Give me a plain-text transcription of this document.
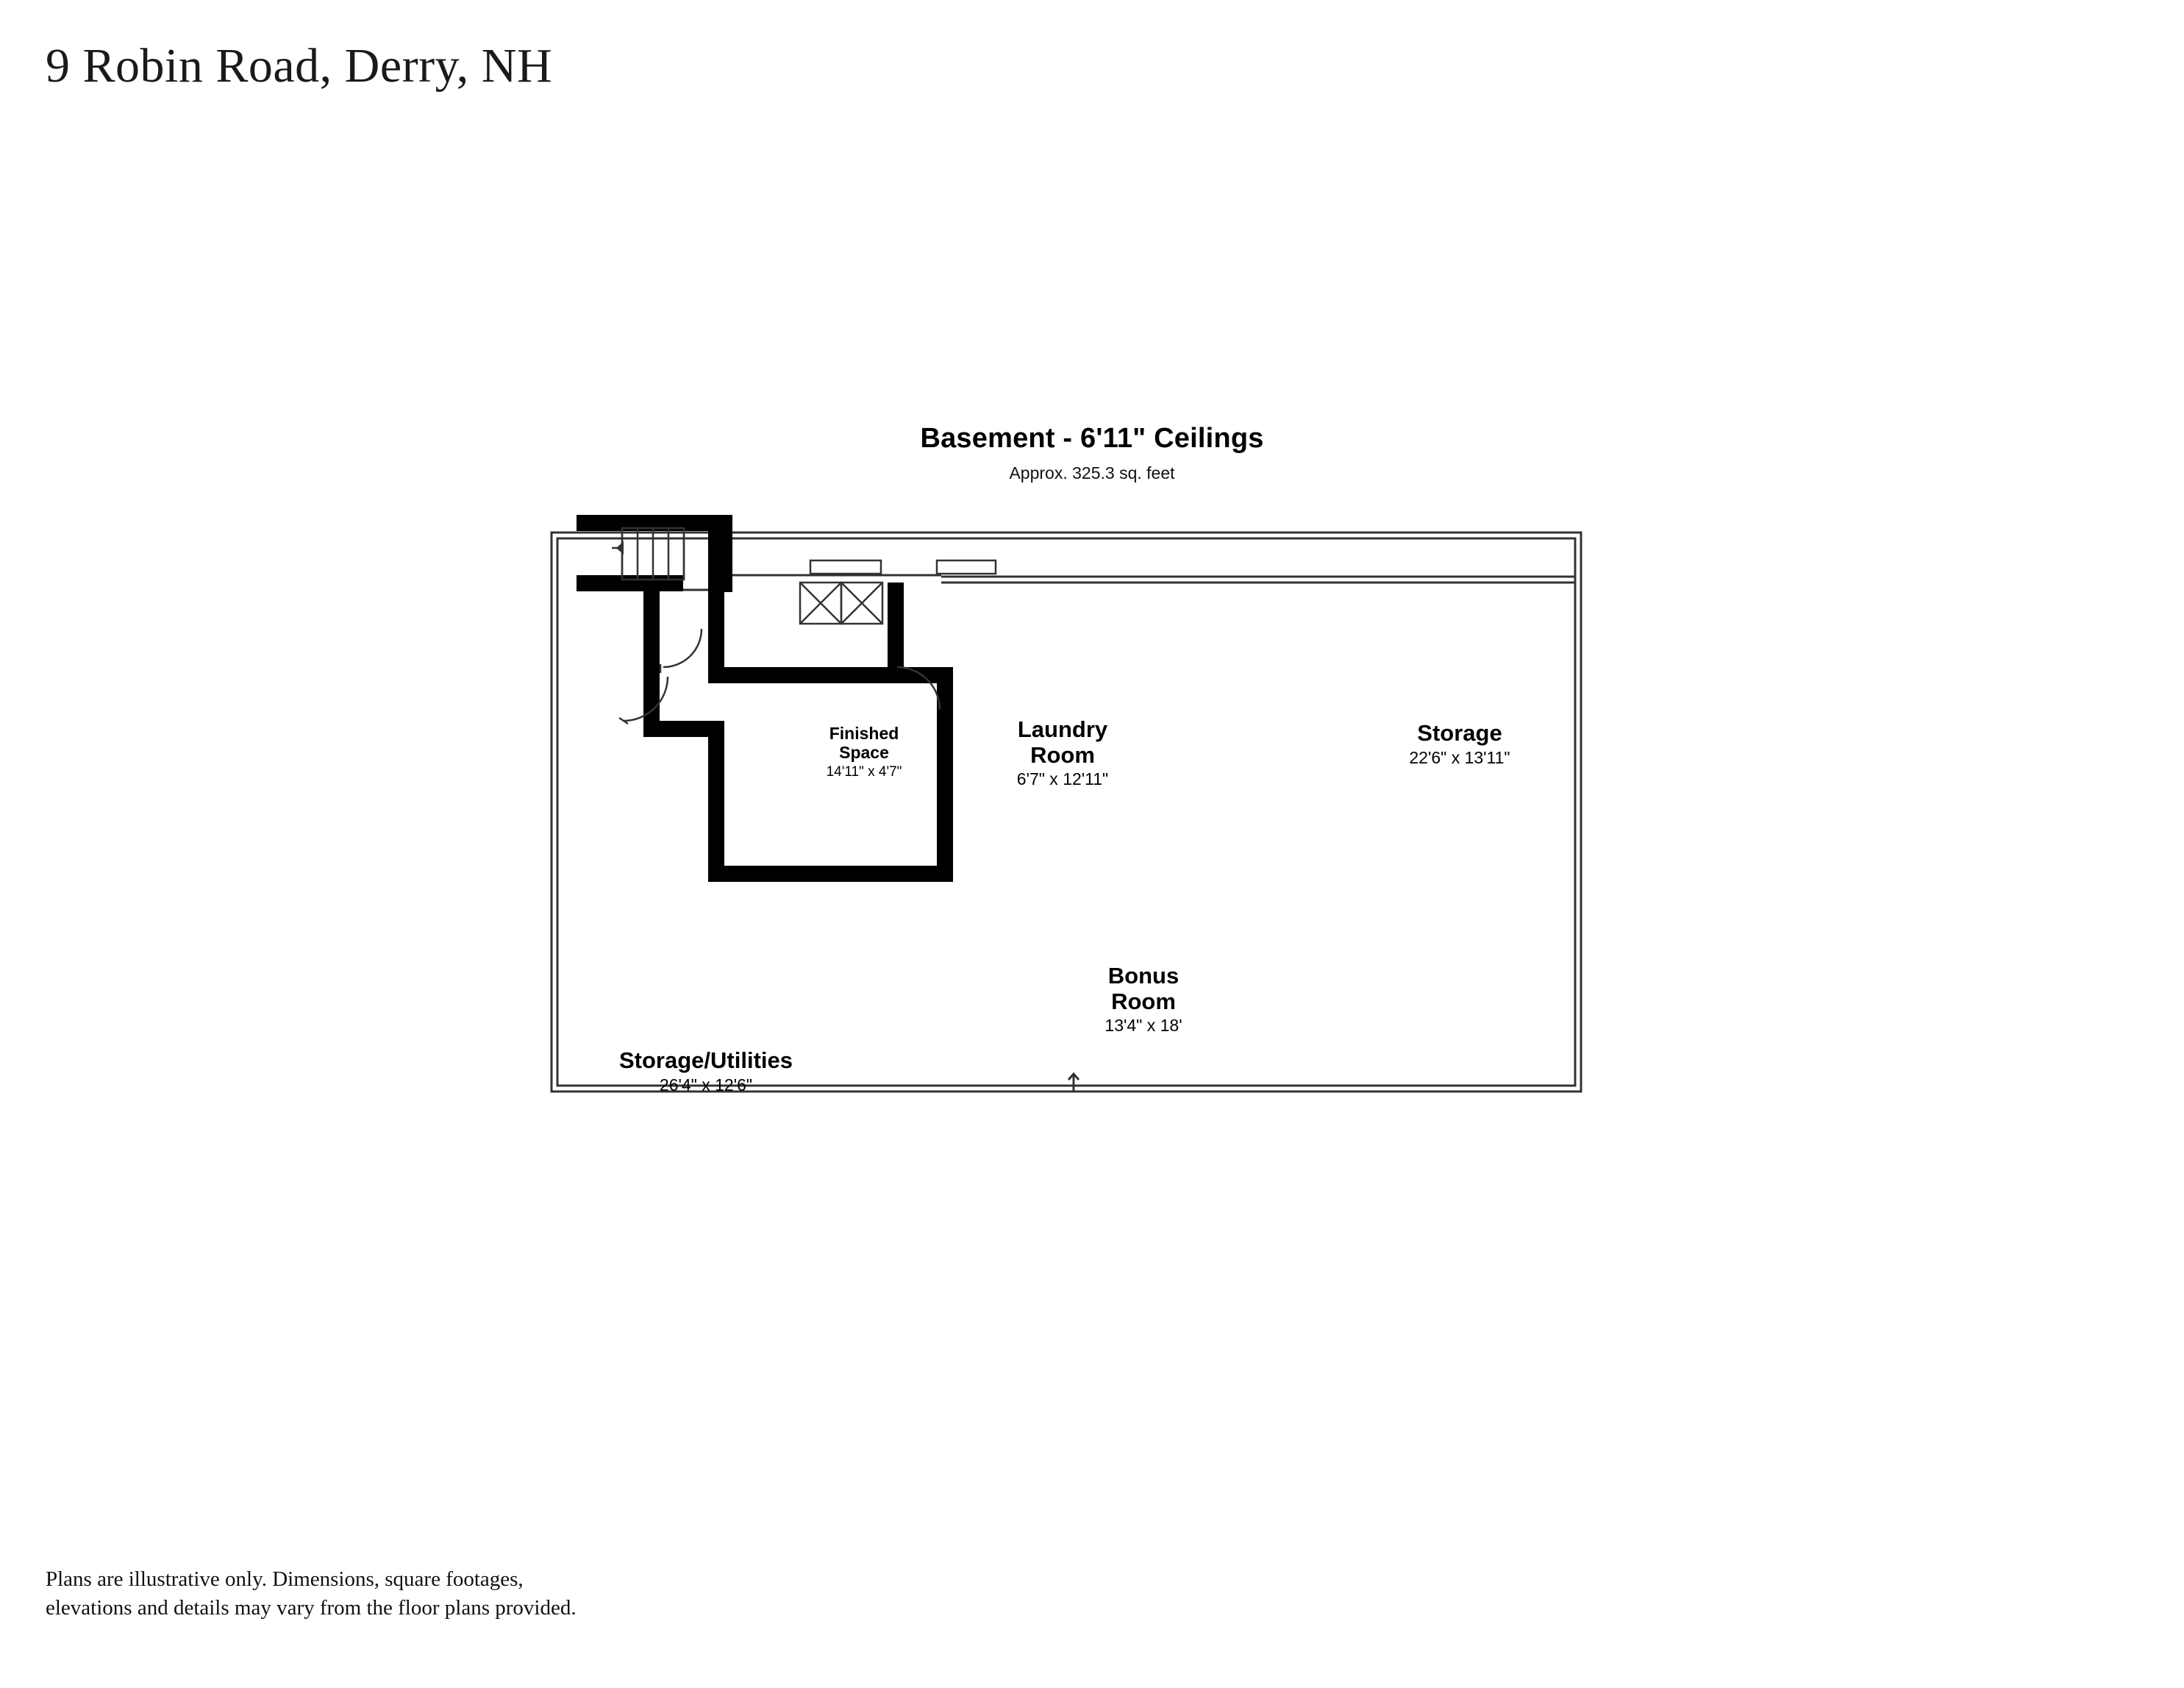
9 Robin Road, Derry, NH
Basement - 6'11" Ceilings
Approx. 325.3 sq. feet
Finished
Space
14'11" x 4'7"
Laundry
Room
6'7" x 12'11"
Storage
22'6" x 13'11"
Bonus
Room
13'4" x 18'
Storage/Utilities
26'4" x 12'6"
Plans are illustrative only. Dimensions, square footages,
elevations and details may vary from the floor plans provided.
